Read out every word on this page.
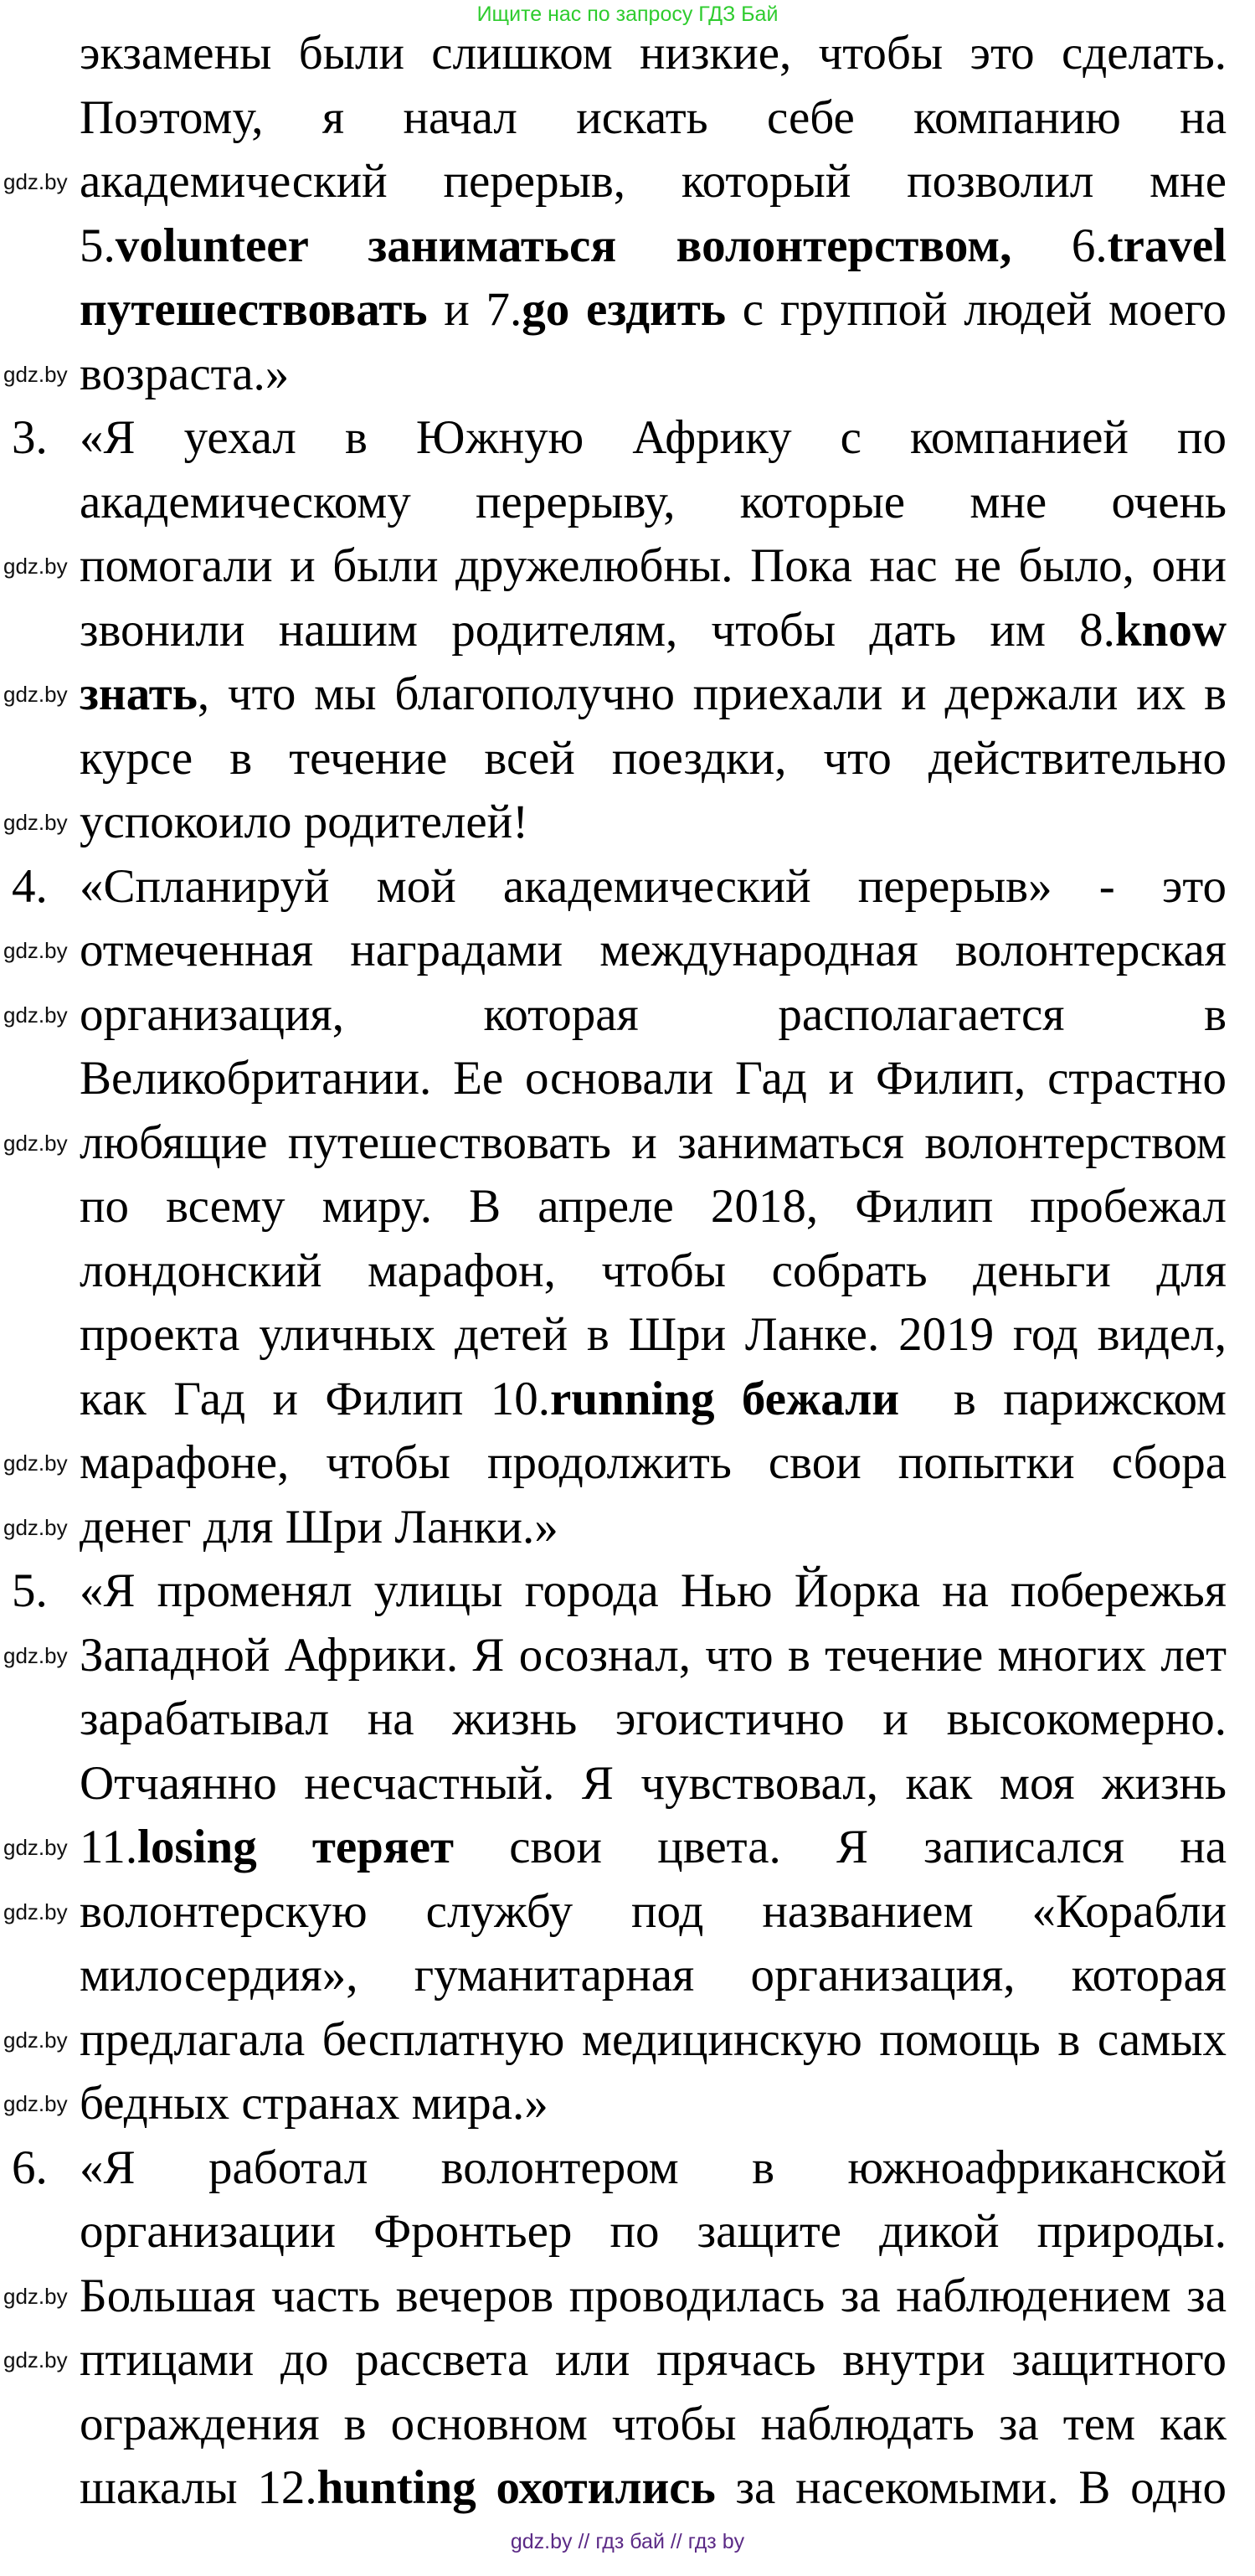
Ищите нас по запросу ГДЗ Бай
экзамены были слишком низкие, чтобы это сделать.
Поэтому, я начал искать себе компанию на
академический перерыв, который позволил мне
5.volunteer заниматься волонтерством, 6.travel
путешествовать и 7.go ездить с группой людей моего
возраста.»
3. «Я уехал в Южную Африку с компанией по
академическому перерыву, которые мне очень
помогали и были дружелюбны. Пока нас не было, они
звонили нашим родителям, чтобы дать им 8.know
знать, что мы благополучно приехали и держали их в
курсе в течение всей поездки, что действительно
успокоило родителей!
4. «Спланируй мой академический перерыв» - это
отмеченная наградами международная волонтерская
организация, которая располагается в
Великобритании. Ее основали Гад и Филип, страстно
любящие путешествовать и заниматься волонтерством
по всему миру. В апреле 2018, Филип пробежал
лондонский марафон, чтобы собрать деньги для
проекта уличных детей в Шри Ланке. 2019 год видел,
как Гад и Филип 10.running бежали  в парижском
марафоне, чтобы продолжить свои попытки сбора
денег для Шри Ланки.»
5. «Я променял улицы города Нью Йорка на побережья
Западной Африки. Я осознал, что в течение многих лет
зарабатывал на жизнь эгоистично и высокомерно.
Отчаянно несчастный. Я чувствовал, как моя жизнь
11.losing теряет свои цвета. Я записался на
волонтерскую службу под названием «Корабли
милосердия», гуманитарная организация, которая
предлагала бесплатную медицинскую помощь в самых
бедных странах мира.»
6. «Я работал волонтером в южноафриканской
организации Фронтьер по защите дикой природы.
Большая часть вечеров проводилась за наблюдением за
птицами до рассвета или прячась внутри защитного
ограждения в основном чтобы наблюдать за тем как
шакалы 12.hunting охотились за насекомыми. В одно
gdz.by
gdz.by
gdz.by
gdz.by
gdz.by
gdz.by
gdz.by
gdz.by
gdz.by
gdz.by
gdz.by
gdz.by
gdz.by
gdz.by
gdz.by
gdz.by
gdz.by
gdz.by // гдз бай // гдз by
